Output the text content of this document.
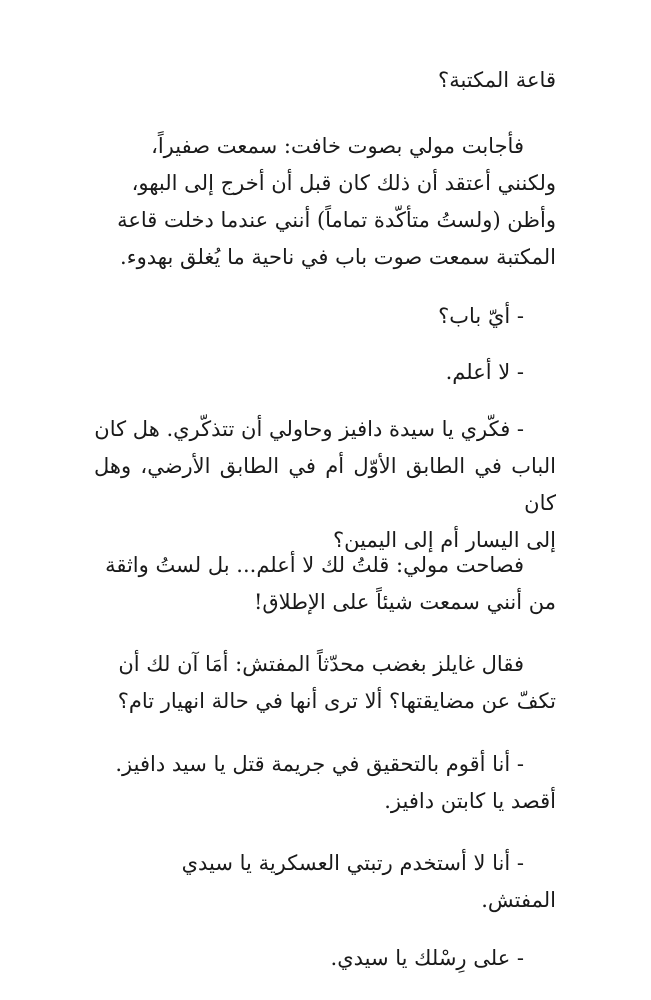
قاعة المكتبة؟
فأجابت مولي بصوت خافت: سمعت صفيراً،
ولكنني أعتقد أن ذلك كان قبل أن أخرج إلى البهو،
وأظن (ولستُ متأكّدة تماماً) أنني عندما دخلت قاعة
المكتبة سمعت صوت باب في ناحية ما يُغلق بهدوء.
- أيّ باب؟
- لا أعلم.
- فكّري يا سيدة دافيز وحاولي أن تتذكّري. هل كان
الباب في الطابق الأوّل أم في الطابق الأرضي، وهل كان
إلى اليسار أم إلى اليمين؟
فصاحت مولي: قلتُ لك لا أعلم... بل لستُ واثقة
من أنني سمعت شيئاً على الإطلاق!
فقال غايلز بغضب محدّثاً المفتش: أمَا آن لك أن
تكفّ عن مضايقتها؟ ألا ترى أنها في حالة انهيار تام؟
- أنا أقوم بالتحقيق في جريمة قتل يا سيد دافيز.
أقصد يا كابتن دافيز.
- أنا لا أستخدم رتبتي العسكرية يا سيدي
المفتش.
- على رِسْلك يا سيدي.
